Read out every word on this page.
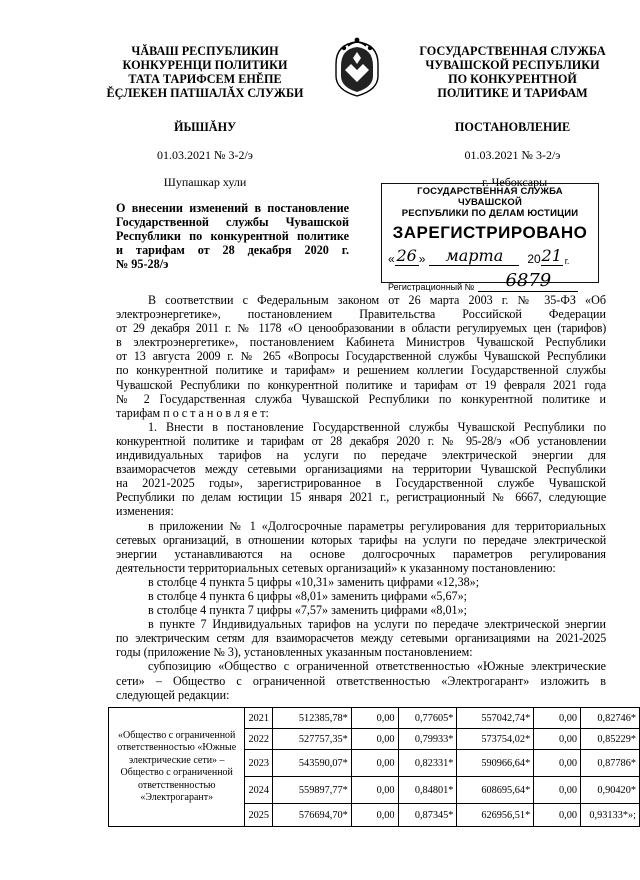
ЧĂВАШ РЕСПУБЛИКИН
КОНКУРЕНЦИ ПОЛИТИКИ
ТАТА ТАРИФСЕМ ЕНĔПЕ
ĔÇЛЕКЕН ПАТШАЛĂХ СЛУЖБИ
ГОСУДАРСТВЕННАЯ СЛУЖБА
ЧУВАШСКОЙ РЕСПУБЛИКИ
ПО КОНКУРЕНТНОЙ
ПОЛИТИКЕ И ТАРИФАМ
ЙЫШĂНУ	ПОСТАНОВЛЕНИЕ
01.03.2021 № 3-2/э	01.03.2021 № 3-2/э
Шупашкар хули	г. Чебоксары
ГОСУДАРСТВЕННАЯ СЛУЖБА ЧУВАШСКОЙ
РЕСПУБЛИКИ ПО ДЕЛАМ ЮСТИЦИИ
ЗАРЕГИСТРИРОВАНО
« 26 »	марта	20 21 г.
Регистрационный №	6879
О внесении изменений в постановление
Государственной службы Чувашской
Республики по конкурентной политике
и тарифам от 28 декабря 2020 г.
№ 95-28/э
В соответствии с Федеральным законом от 26 марта 2003 г. № 35-ФЗ «Об
электроэнергетике», постановлением Правительства Российской Федерации
от 29 декабря 2011 г. № 1178 «О ценообразовании в области регулируемых цен (тарифов)
в электроэнергетике», постановлением Кабинета Министров Чувашской Республики
от 13 августа 2009 г. № 265 «Вопросы Государственной службы Чувашской Республики
по конкурентной политике и тарифам» и решением коллегии Государственной службы
Чувашской Республики по конкурентной политике и тарифам от 19 февраля 2021 года
№ 2 Государственная служба Чувашской Республики по конкурентной политике и
тарифам п о с т а н о в л я е т:
1. Внести в постановление Государственной службы Чувашской Республики по
конкурентной политике и тарифам от 28 декабря 2020 г. № 95-28/э «Об установлении
индивидуальных тарифов на услуги по передаче электрической энергии для
взаиморасчетов между сетевыми организациями на территории Чувашской Республики
на 2021-2025 годы», зарегистрированное в Государственной службе Чувашской
Республики по делам юстиции 15 января 2021 г., регистрационный № 6667, следующие
изменения:
в приложении № 1 «Долгосрочные параметры регулирования для территориальных
сетевых организаций, в отношении которых тарифы на услуги по передаче электрической
энергии устанавливаются на основе долгосрочных параметров регулирования
деятельности территориальных сетевых организаций» к указанному постановлению:
в столбце 4 пункта 5 цифры «10,31» заменить цифрами «12,38»;
в столбце 4 пункта 6 цифры «8,01» заменить цифрами «5,67»;
в столбце 4 пункта 7 цифры «7,57» заменить цифрами «8,01»;
в пункте 7 Индивидуальных тарифов на услуги по передаче электрической энергии
по электрическим сетям для взаиморасчетов между сетевыми организациями на 2021-2025
годы (приложение № 3), установленных указанным постановлением:
субпозицию «Общество с ограниченной ответственностью «Южные электрические
сети» – Общество с ограниченной ответственностью «Электрогарант» изложить в
следующей редакции:
«Общество с ограниченной ответственностью «Южные электрические сети» – Общество с ограниченной ответственностью «Электрогарант»	2021	512385,78*	0,00	0,77605*	557042,74*	0,00	0,82746*
	2022	527757,35*	0,00	0,79933*	573754,02*	0,00	0,85229*
	2023	543590,07*	0,00	0,82331*	590966,64*	0,00	0,87786*
	2024	559897,77*	0,00	0,84801*	608695,64*	0,00	0,90420*
	2025	576694,70*	0,00	0,87345*	626956,51*	0,00	0,93133*»;
